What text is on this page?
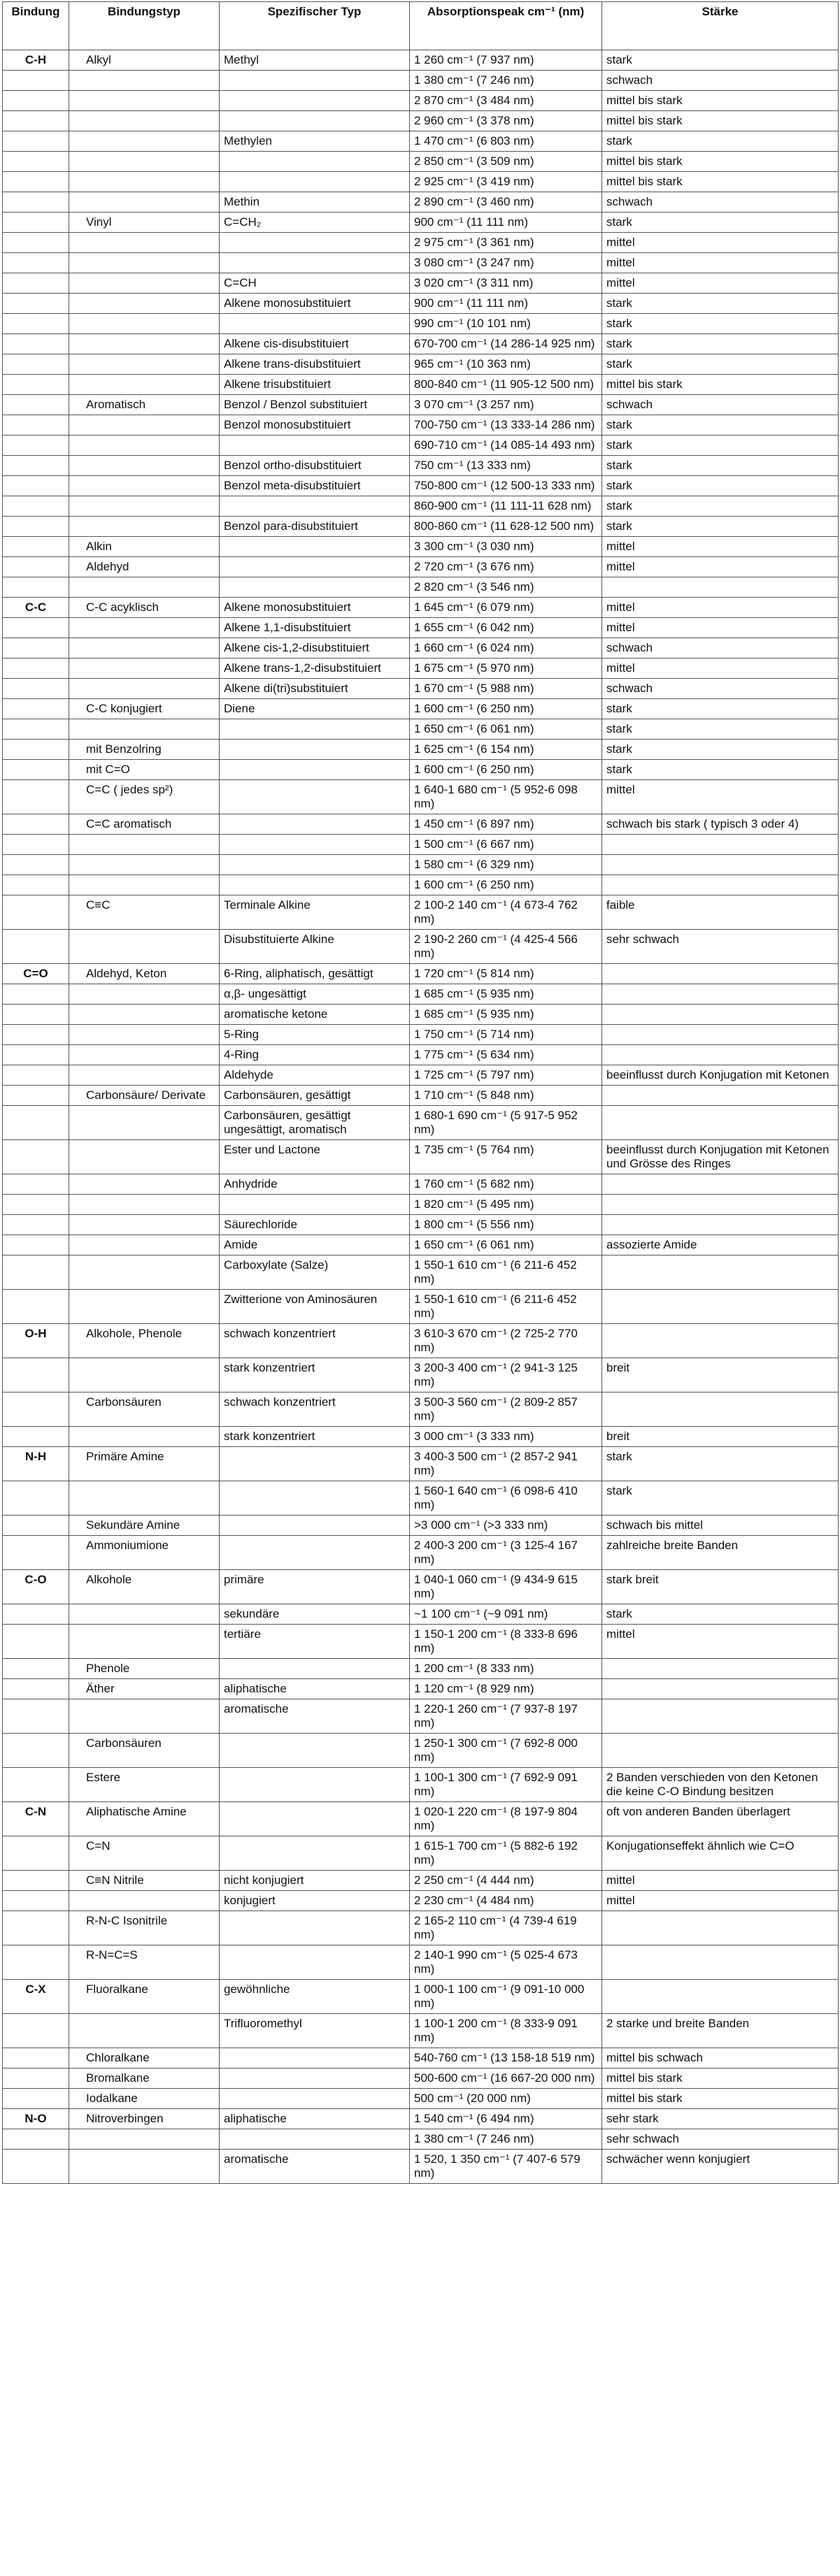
Bindung	Bindungstyp	Spezifischer Typ	Absorptionspeak cm⁻¹ (nm)	Stärke
C-H	Alkyl	Methyl	1 260 cm⁻¹ (7 937 nm)	stark
			1 380 cm⁻¹ (7 246 nm)	schwach
			2 870 cm⁻¹ (3 484 nm)	mittel bis stark
			2 960 cm⁻¹ (3 378 nm)	mittel bis stark
		Methylen	1 470 cm⁻¹ (6 803 nm)	stark
			2 850 cm⁻¹ (3 509 nm)	mittel bis stark
			2 925 cm⁻¹ (3 419 nm)	mittel bis stark
		Methin	2 890 cm⁻¹ (3 460 nm)	schwach
	Vinyl	C=CH₂	900 cm⁻¹ (11 111 nm)	stark
			2 975 cm⁻¹ (3 361 nm)	mittel
			3 080 cm⁻¹ (3 247 nm)	mittel
		C=CH	3 020 cm⁻¹ (3 311 nm)	mittel
		Alkene monosubstituiert	900 cm⁻¹ (11 111 nm)	stark
			990 cm⁻¹ (10 101 nm)	stark
		Alkene cis-disubstituiert	670-700 cm⁻¹ (14 286-14 925 nm)	stark
		Alkene trans-disubstituiert	965 cm⁻¹ (10 363 nm)	stark
		Alkene trisubstituiert	800-840 cm⁻¹ (11 905-12 500 nm)	mittel bis stark
	Aromatisch	Benzol / Benzol substituiert	3 070 cm⁻¹ (3 257 nm)	schwach
		Benzol monosubstituiert	700-750 cm⁻¹ (13 333-14 286 nm)	stark
			690-710 cm⁻¹ (14 085-14 493 nm)	stark
		Benzol ortho-disubstituiert	750 cm⁻¹ (13 333 nm)	stark
		Benzol meta-disubstituiert	750-800 cm⁻¹ (12 500-13 333 nm)	stark
			860-900 cm⁻¹ (11 111-11 628 nm)	stark
		Benzol para-disubstituiert	800-860 cm⁻¹ (11 628-12 500 nm)	stark
	Alkin		3 300 cm⁻¹ (3 030 nm)	mittel
	Aldehyd		2 720 cm⁻¹ (3 676 nm)	mittel
			2 820 cm⁻¹ (3 546 nm)	
C-C	C-C acyklisch	Alkene monosubstituiert	1 645 cm⁻¹ (6 079 nm)	mittel
		Alkene 1,1-disubstituiert	1 655 cm⁻¹ (6 042 nm)	mittel
		Alkene cis-1,2-disubstituiert	1 660 cm⁻¹ (6 024 nm)	schwach
		Alkene trans-1,2-disubstituiert	1 675 cm⁻¹ (5 970 nm)	mittel
		Alkene di(tri)substituiert	1 670 cm⁻¹ (5 988 nm)	schwach
	C-C konjugiert	Diene	1 600 cm⁻¹ (6 250 nm)	stark
			1 650 cm⁻¹ (6 061 nm)	stark
	mit Benzolring		1 625 cm⁻¹ (6 154 nm)	stark
	mit C=O		1 600 cm⁻¹ (6 250 nm)	stark
	C=C ( jedes sp²)		1 640-1 680 cm⁻¹ (5 952-6 098 nm)	mittel
	C=C aromatisch		1 450 cm⁻¹ (6 897 nm)	schwach bis stark ( typisch 3 oder 4)
			1 500 cm⁻¹ (6 667 nm)	
			1 580 cm⁻¹ (6 329 nm)	
			1 600 cm⁻¹ (6 250 nm)	
	C≡C	Terminale Alkine	2 100-2 140 cm⁻¹ (4 673-4 762 nm)	faible
		Disubstituierte Alkine	2 190-2 260 cm⁻¹ (4 425-4 566 nm)	sehr schwach
C=O	Aldehyd, Keton	6-Ring, aliphatisch, gesättigt	1 720 cm⁻¹ (5 814 nm)	
		α,β- ungesättigt	1 685 cm⁻¹ (5 935 nm)	
		aromatische ketone	1 685 cm⁻¹ (5 935 nm)	
		5-Ring	1 750 cm⁻¹ (5 714 nm)	
		4-Ring	1 775 cm⁻¹ (5 634 nm)	
		Aldehyde	1 725 cm⁻¹ (5 797 nm)	beeinflusst durch Konjugation mit Ketonen
	Carbonsäure/ Derivate	Carbonsäuren, gesättigt	1 710 cm⁻¹ (5 848 nm)	
		Carbonsäuren, gesättigt ungesättigt, aromatisch	1 680-1 690 cm⁻¹ (5 917-5 952 nm)	
		Ester und Lactone	1 735 cm⁻¹ (5 764 nm)	beeinflusst durch Konjugation mit Ketonen und Grösse des Ringes
		Anhydride	1 760 cm⁻¹ (5 682 nm)	
			1 820 cm⁻¹ (5 495 nm)	
		Säurechloride	1 800 cm⁻¹ (5 556 nm)	
		Amide	1 650 cm⁻¹ (6 061 nm)	assozierte Amide
		Carboxylate (Salze)	1 550-1 610 cm⁻¹ (6 211-6 452 nm)	
		Zwitterione von Aminosäuren	1 550-1 610 cm⁻¹ (6 211-6 452 nm)	
O-H	Alkohole, Phenole	schwach konzentriert	3 610-3 670 cm⁻¹ (2 725-2 770 nm)	
		stark konzentriert	3 200-3 400 cm⁻¹ (2 941-3 125 nm)	breit
	Carbonsäuren	schwach konzentriert	3 500-3 560 cm⁻¹ (2 809-2 857 nm)	
		stark konzentriert	3 000 cm⁻¹ (3 333 nm)	breit
N-H	Primäre Amine		3 400-3 500 cm⁻¹ (2 857-2 941 nm)	stark
			1 560-1 640 cm⁻¹ (6 098-6 410 nm)	stark
	Sekundäre Amine		>3 000 cm⁻¹ (>3 333 nm)	schwach bis mittel
	Ammoniumione		2 400-3 200 cm⁻¹ (3 125-4 167 nm)	zahlreiche breite Banden
C-O	Alkohole	primäre	1 040-1 060 cm⁻¹ (9 434-9 615 nm)	stark breit
		sekundäre	~1 100 cm⁻¹ (~9 091 nm)	stark
		tertiäre	1 150-1 200 cm⁻¹ (8 333-8 696 nm)	mittel
	Phenole		1 200 cm⁻¹ (8 333 nm)	
	Äther	aliphatische	1 120 cm⁻¹ (8 929 nm)	
		aromatische	1 220-1 260 cm⁻¹ (7 937-8 197 nm)	
	Carbonsäuren		1 250-1 300 cm⁻¹ (7 692-8 000 nm)	
	Estere		1 100-1 300 cm⁻¹ (7 692-9 091 nm)	2 Banden verschieden von den Ketonen die keine C-O Bindung besitzen
C-N	Aliphatische Amine		1 020-1 220 cm⁻¹ (8 197-9 804 nm)	oft von anderen Banden überlagert
	C=N		1 615-1 700 cm⁻¹ (5 882-6 192 nm)	Konjugationseffekt ähnlich wie C=O
	C≡N Nitrile	nicht konjugiert	2 250 cm⁻¹ (4 444 nm)	mittel
		konjugiert	2 230 cm⁻¹ (4 484 nm)	mittel
	R-N-C Isonitrile		2 165-2 110 cm⁻¹ (4 739-4 619 nm)	
	R-N=C=S		2 140-1 990 cm⁻¹ (5 025-4 673 nm)	
C-X	Fluoralkane	gewöhnliche	1 000-1 100 cm⁻¹ (9 091-10 000 nm)	
		Trifluoromethyl	1 100-1 200 cm⁻¹ (8 333-9 091 nm)	2 starke und breite Banden
	Chloralkane		540-760 cm⁻¹ (13 158-18 519 nm)	mittel bis schwach
	Bromalkane		500-600 cm⁻¹ (16 667-20 000 nm)	mittel bis stark
	Iodalkane		500 cm⁻¹ (20 000 nm)	mittel bis stark
N-O	Nitroverbingen	aliphatische	1 540 cm⁻¹ (6 494 nm)	sehr stark
			1 380 cm⁻¹ (7 246 nm)	sehr schwach
		aromatische	1 520, 1 350 cm⁻¹ (7 407-6 579 nm)	schwächer wenn konjugiert
